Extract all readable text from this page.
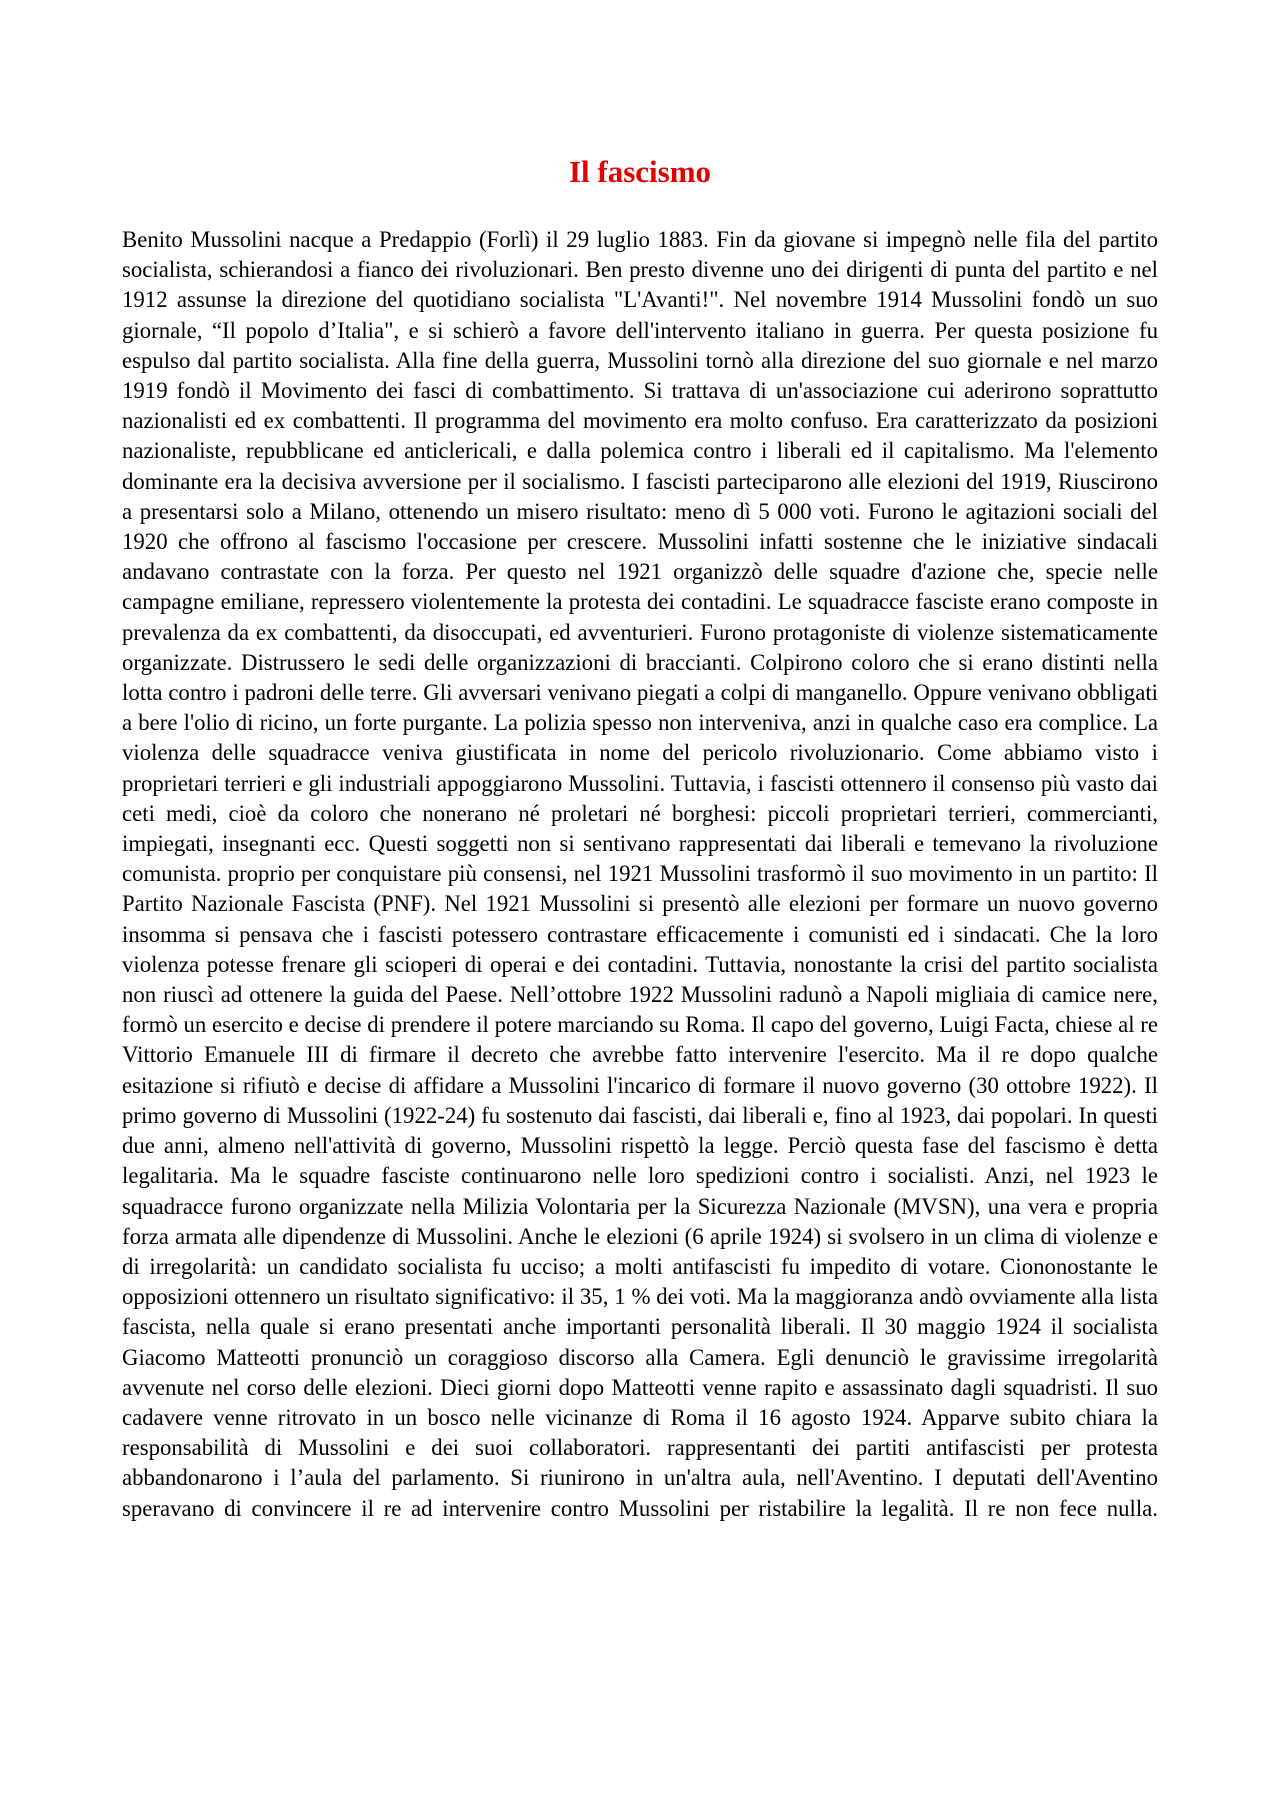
Il fascismo

Benito Mussolini nacque a Predappio (Forlì) il 29 luglio 1883. Fin da giovane si impegnò nelle fila del partito socialista, schierandosi a fianco dei rivoluzionari. Ben presto divenne uno dei dirigenti di punta del partito e nel 1912 assunse la direzione del quotidiano socialista "L'Avanti!". Nel novembre 1914 Mussolini fondò un suo giornale, “Il popolo d’Italia", e si schierò a favore dell'intervento italiano in guerra. Per questa posizione fu espulso dal partito socialista. Alla fine della guerra, Mussolini tornò alla direzione del suo giornale e nel marzo 1919 fondò il Movimento dei fasci di combattimento. Si trattava di un'associazione cui aderirono soprattutto nazionalisti ed ex combattenti. Il programma del movimento era molto confuso. Era caratterizzato da posizioni nazionaliste, repubblicane ed anticlericali, e dalla polemica contro i liberali ed il capitalismo. Ma l'elemento dominante era la decisiva avversione per il socialismo. I fascisti parteciparono alle elezioni del 1919, Riuscirono a presentarsi solo a Milano, ottenendo un misero risultato: meno dì 5 000 voti. Furono le agitazioni sociali del 1920 che offrono al fascismo l'occasione per crescere. Mussolini infatti sostenne che le iniziative sindacali andavano contrastate con la forza. Per questo nel 1921 organizzò delle squadre d'azione che, specie nelle campagne emiliane, repressero violentemente la protesta dei contadini. Le squadracce fasciste erano composte in prevalenza da ex combattenti, da disoccupati, ed avventurieri. Furono protagoniste di violenze sistematicamente organizzate. Distrussero le sedi delle organizzazioni di braccianti. Colpirono coloro che si erano distinti nella lotta contro i padroni delle terre. Gli avversari venivano piegati a colpi di manganello. Oppure venivano obbligati a bere l'olio di ricino, un forte purgante. La polizia spesso non interveniva, anzi in qualche caso era complice. La violenza delle squadracce veniva giustificata in nome del pericolo rivoluzionario. Come abbiamo visto i proprietari terrieri e gli industriali appoggiarono Mussolini. Tuttavia, i fascisti ottennero il consenso più vasto dai ceti medi, cioè da coloro che nonerano né proletari né borghesi: piccoli proprietari terrieri, commercianti, impiegati, insegnanti ecc. Questi soggetti non si sentivano rappresentati dai liberali e temevano la rivoluzione comunista. proprio per conquistare più consensi, nel 1921 Mussolini trasformò il suo movimento in un partito: Il Partito Nazionale Fascista (PNF). Nel 1921 Mussolini si presentò alle elezioni per formare un nuovo governo insomma si pensava che i fascisti potessero contrastare efficacemente i comunisti ed i sindacati. Che la loro violenza potesse frenare gli scioperi di operai e dei contadini. Tuttavia, nonostante la crisi del partito socialista non riuscì ad ottenere la guida del Paese. Nell’ottobre 1922 Mussolini radunò a Napoli migliaia di camice nere, formò un esercito e decise di prendere il potere marciando su Roma. Il capo del governo, Luigi Facta, chiese al re Vittorio Emanuele III di firmare il decreto che avrebbe fatto intervenire l'esercito. Ma il re dopo qualche esitazione si rifiutò e decise di affidare a Mussolini l'incarico di formare il nuovo governo (30 ottobre 1922). Il primo governo di Mussolini (1922-24) fu sostenuto dai fascisti, dai liberali e, fino al 1923, dai popolari. In questi due anni, almeno nell'attività di governo, Mussolini rispettò la legge. Perciò questa fase del fascismo è detta legalitaria. Ma le squadre fasciste continuarono nelle loro spedizioni contro i socialisti. Anzi, nel 1923 le squadracce furono organizzate nella Milizia Volontaria per la Sicurezza Nazionale (MVSN), una vera e propria forza armata alle dipendenze di Mussolini. Anche le elezioni (6 aprile 1924) si svolsero in un clima di violenze e di irregolarità: un candidato socialista fu ucciso; a molti antifascisti fu impedito di votare. Ciononostante le opposizioni ottennero un risultato significativo: il 35, 1 % dei voti. Ma la maggioranza andò ovviamente alla lista fascista, nella quale si erano presentati anche importanti personalità liberali. Il 30 maggio 1924 il socialista Giacomo Matteotti pronunciò un coraggioso discorso alla Camera. Egli denunciò le gravissime irregolarità avvenute nel corso delle elezioni. Dieci giorni dopo Matteotti venne rapito e assassinato dagli squadristi. Il suo cadavere venne ritrovato in un bosco nelle vicinanze di Roma il 16 agosto 1924. Apparve subito chiara la responsabilità di Mussolini e dei suoi collaboratori. rappresentanti dei partiti antifascisti per protesta abbandonarono i l’aula del parlamento. Si riunirono in un'altra aula, nell'Aventino. I deputati dell'Aventino speravano di convincere il re ad intervenire contro Mussolini per ristabilire la legalità. Il re non fece nulla.
